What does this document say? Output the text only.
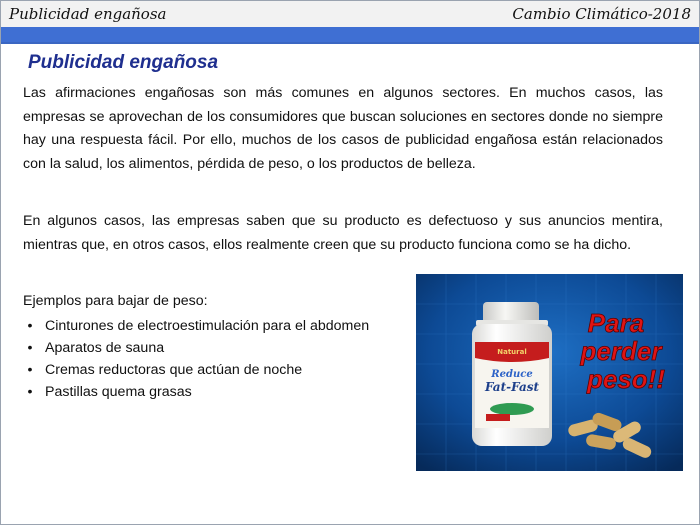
Publicidad engañosa	Cambio Climático-2018
Publicidad engañosa
Las afirmaciones engañosas son más comunes en algunos sectores. En muchos casos, las empresas se aprovechan de los consumidores que buscan soluciones en sectores donde no siempre hay una respuesta fácil. Por ello, muchos de los casos de publicidad engañosa están relacionados con la salud, los alimentos, pérdida de peso, o los productos de belleza.
En algunos casos, las empresas saben que su producto es defectuoso y sus anuncios mentira, mientras que, en otros casos, ellos realmente creen que su producto funciona como se ha dicho.
Ejemplos para bajar de peso:
• Cinturones de electroestimulación para el abdomen
• Aparatos de sauna
• Cremas reductoras que actúan de noche
• Pastillas quema grasas
Natural
Reduce
Fat-Fast
Para
perder
peso!!
